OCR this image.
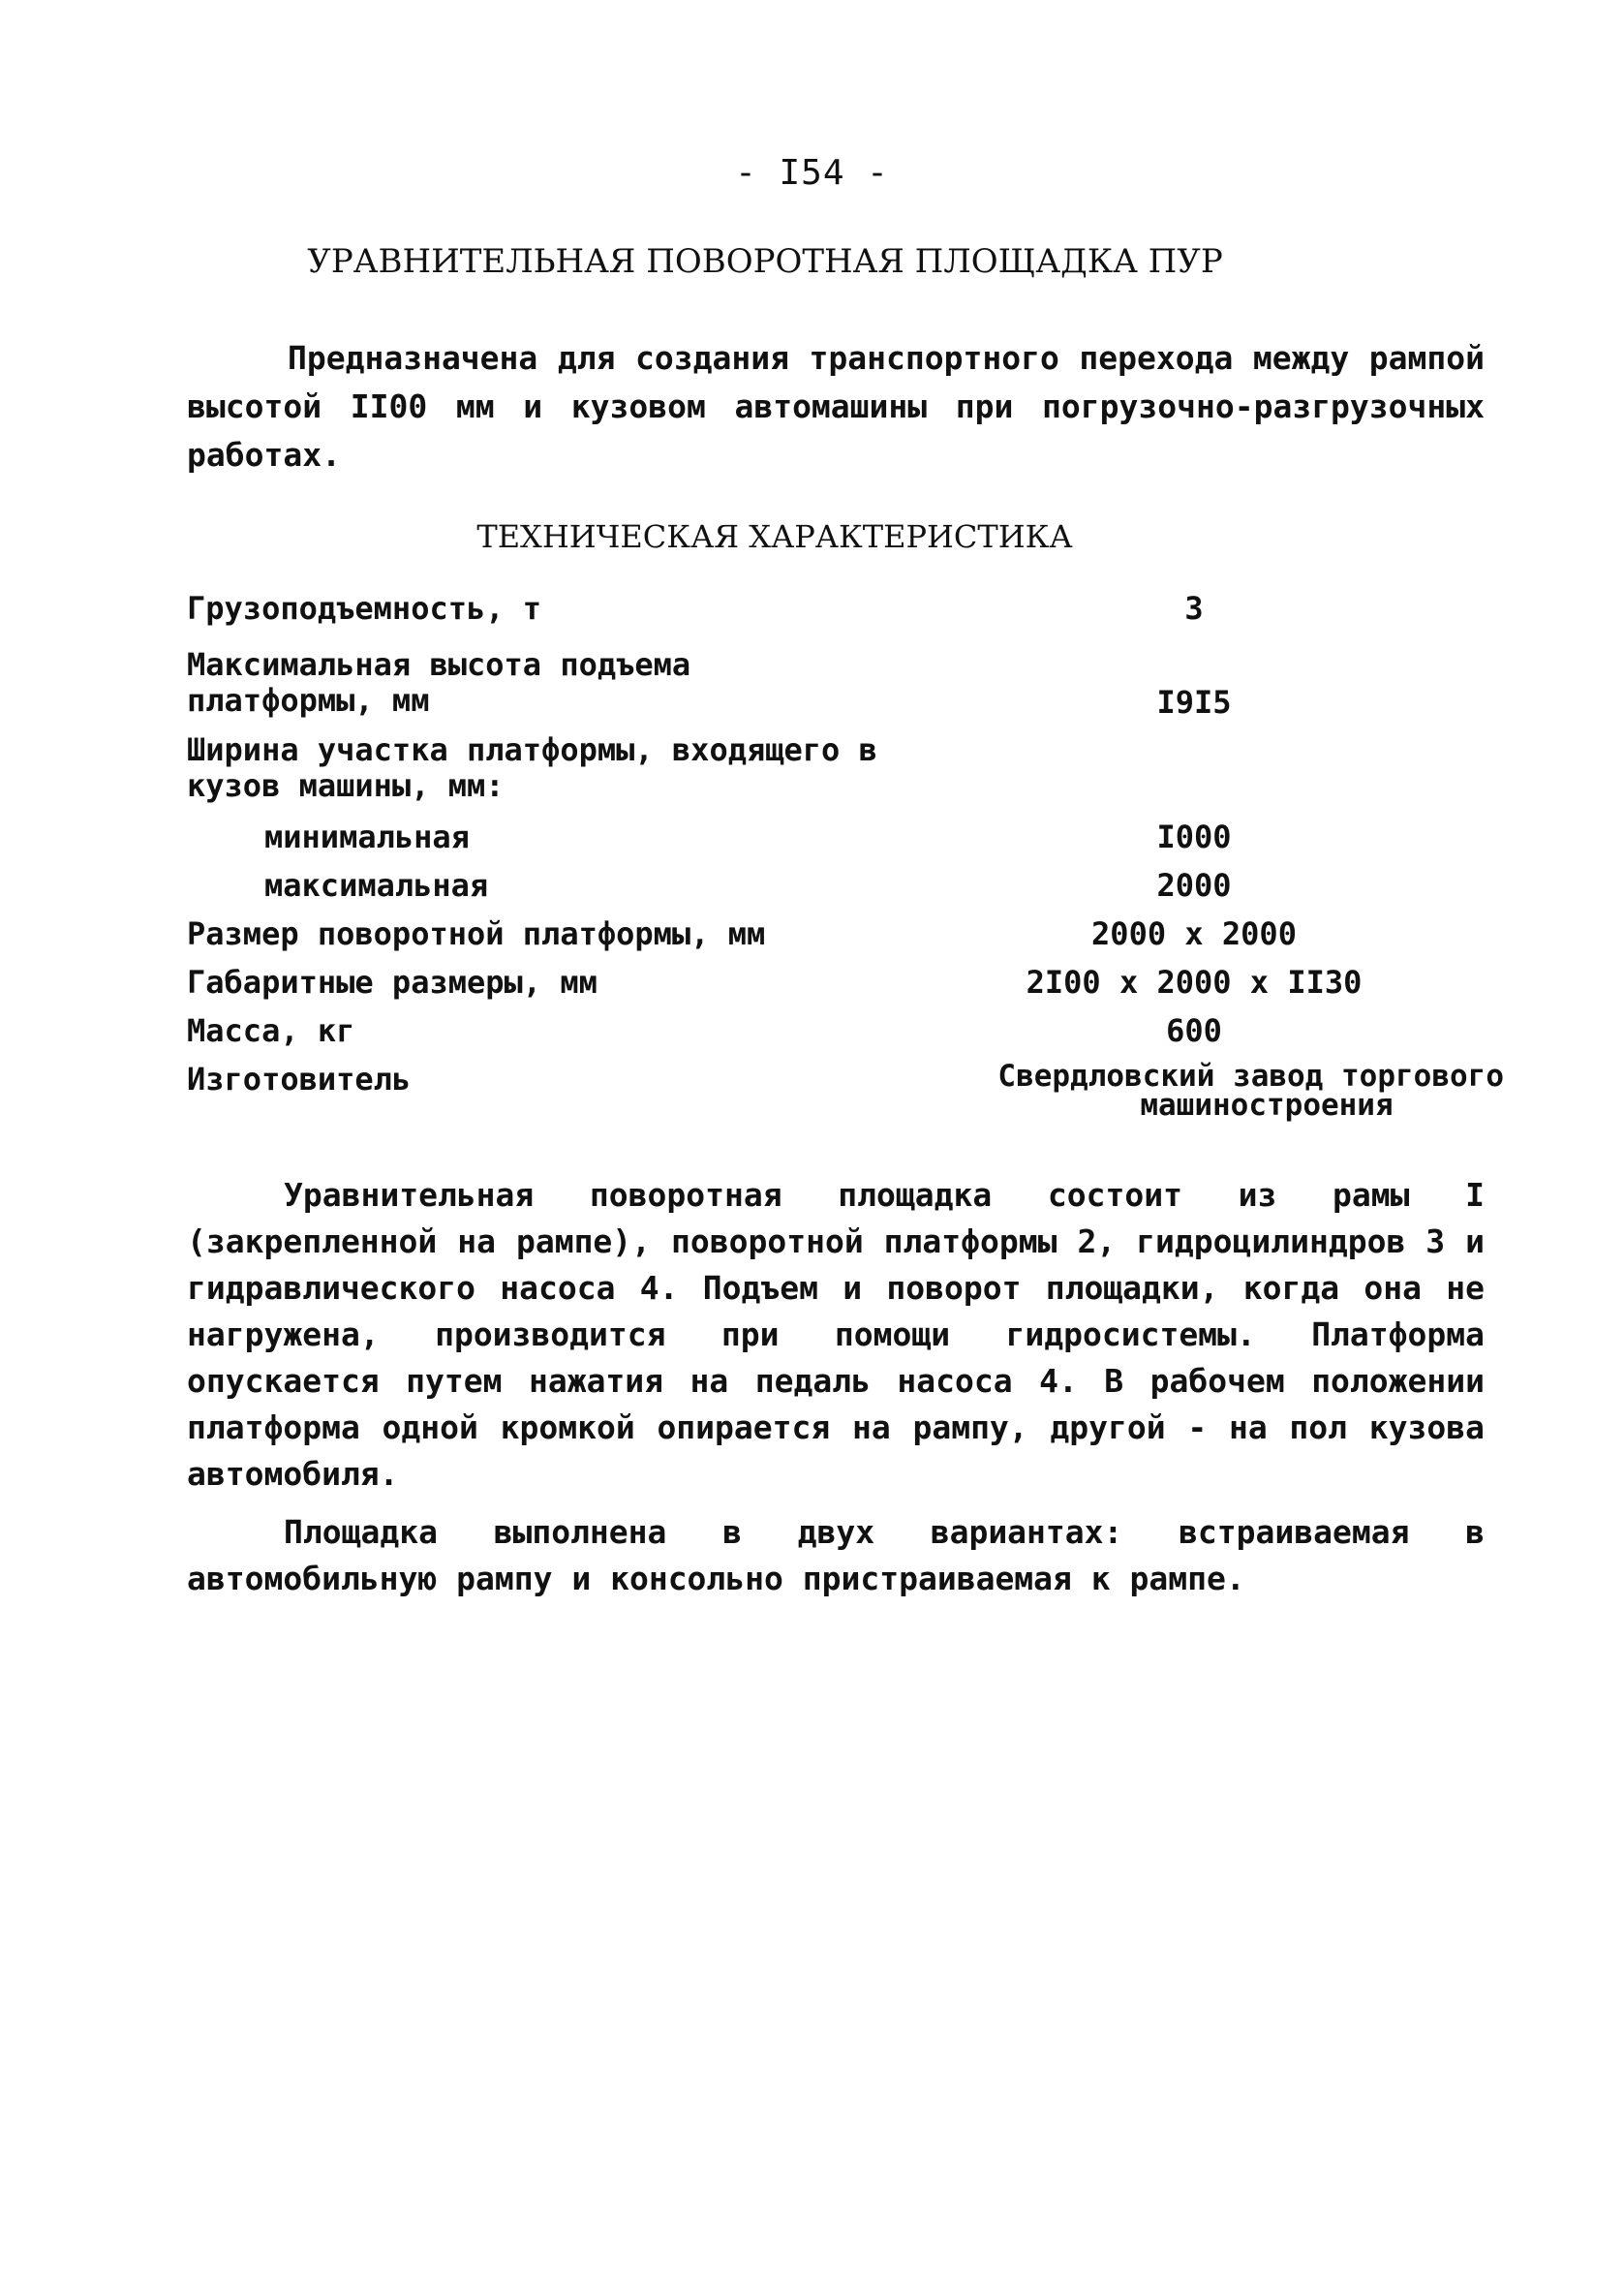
- I54 -
УРАВНИТЕЛЬНАЯ ПОВОРОТНАЯ ПЛОЩАДКА ПУР
Предназначена для создания транспортного перехода между рампой высотой II00 мм и кузовом автомашины при погрузочно-разгрузочных работах.
ТЕХНИЧЕСКАЯ ХАРАКТЕРИСТИКА
Грузоподъемность, т	3
Максимальная высота подъема платформы, мм	I9I5
Ширина участка платформы, входящего в кузов машины, мм:
минимальная	I000
максимальная	2000
Размер поворотной платформы, мм	2000 х 2000
Габаритные размеры, мм	2I00 х 2000 х II30
Масса, кг	600
Изготовитель	Свердловский завод торгового
машиностроения

Уравнительная поворотная площадка состоит из рамы I (закрепленной на рампе), поворотной платформы 2, гидроцилиндров 3 и гидравлического насоса 4. Подъем и поворот площадки, когда она не нагружена, производится при помощи гидросистемы. Платформа опускается путем нажатия на педаль насоса 4. В рабочем положении платформа одной кромкой опирается на рампу, другой - на пол кузова автомобиля.

Площадка выполнена в двух вариантах: встраиваемая в автомобильную рампу и консольно пристраиваемая к рампе.
